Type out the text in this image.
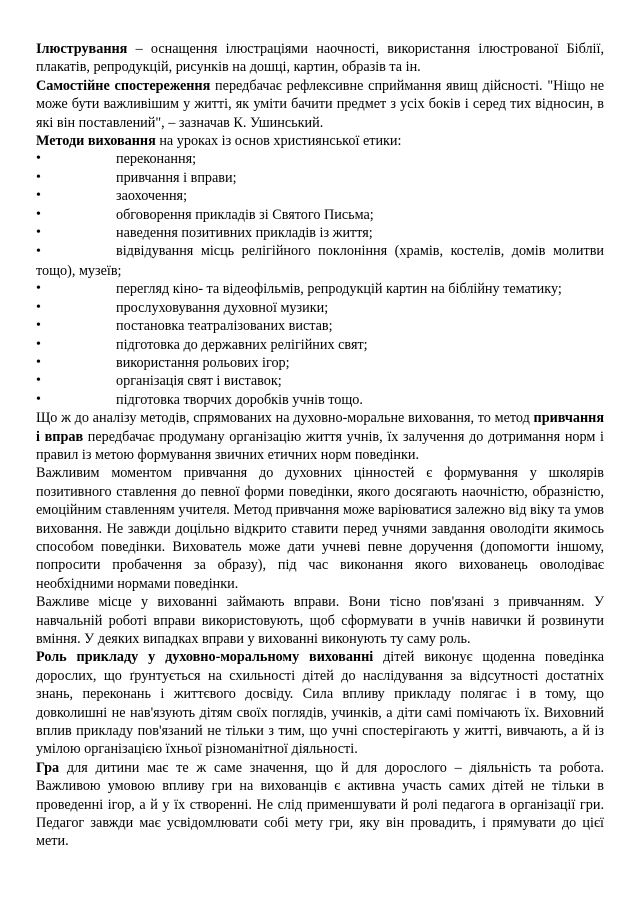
Ілюстрування – оснащення ілюстраціями наочності, використання ілюстрованої Біблії, плакатів, репродукцій, рисунків на дошці, картин, образів та ін.

Самостійне спостереження передбачає рефлексивне сприймання явищ дійсності. "Ніщо не може бути важливішим у житті, як уміти бачити предмет з усіх боків і серед тих відносин, в які він поставлений", – зазначав К. Ушинський.

Методи виховання на уроках із основ християнської етики:

•	переконання;
•	привчання і вправи;
•	заохочення;
•	обговорення прикладів зі Святого Письма;
•	наведення позитивних прикладів із життя;
•	відвідування місць релігійного поклоніння (храмів, костелів, домів молитви тощо), музеїв;
•	перегляд кіно- та відеофільмів, репродукцій картин на біблійну тематику;
•	прослуховування духовної музики;
•	постановка театралізованих вистав;
•	підготовка до державних релігійних свят;
•	використання рольових ігор;
•	організація свят і виставок;
•	підготовка творчих доробків учнів тощо.

Що ж до аналізу методів, спрямованих на духовно-моральне виховання, то метод привчання і вправ передбачає продуману організацію життя учнів, їх залучення до дотримання норм і правил із метою формування звичних етичних норм поведінки.

Важливим моментом привчання до духовних цінностей є формування у школярів позитивного ставлення до певної форми поведінки, якого досягають наочністю, образністю, емоційним ставленням учителя. Метод привчання може варіюватися залежно від віку та умов виховання. Не завжди доцільно відкрито ставити перед учнями завдання оволодіти якимось способом поведінки. Вихователь може дати учневі певне доручення (допомогти іншому, попросити пробачення за образу), під час виконання якого вихованець оволодіває необхідними нормами поведінки.

Важливе місце у вихованні займають вправи. Вони тісно пов'язані з привчанням. У навчальній роботі вправи використовують, щоб сформувати в учнів навички й розвинути вміння. У деяких випадках вправи у вихованні виконують ту саму роль.

Роль прикладу у духовно-моральному вихованні дітей виконує щоденна поведінка дорослих, що ґрунтується на схильності дітей до наслідування за відсутності достатніх знань, переконань і життєвого досвіду. Сила впливу прикладу полягає і в тому, що довколишні не нав'язують дітям своїх поглядів, учинків, а діти самі помічають їх. Виховний вплив прикладу пов'язаний не тільки з тим, що учні спостерігають у житті, вивчають, а й із умілою організацією їхньої різноманітної діяльності.

Гра для дитини має те ж саме значення, що й для дорослого – діяльність та робота. Важливою умовою впливу гри на вихованців є активна участь самих дітей не тільки в проведенні ігор, а й у їх створенні. Не слід применшувати й ролі педагога в організації гри. Педагог завжди має усвідомлювати собі мету гри, яку він провадить, і прямувати до цієї мети.
